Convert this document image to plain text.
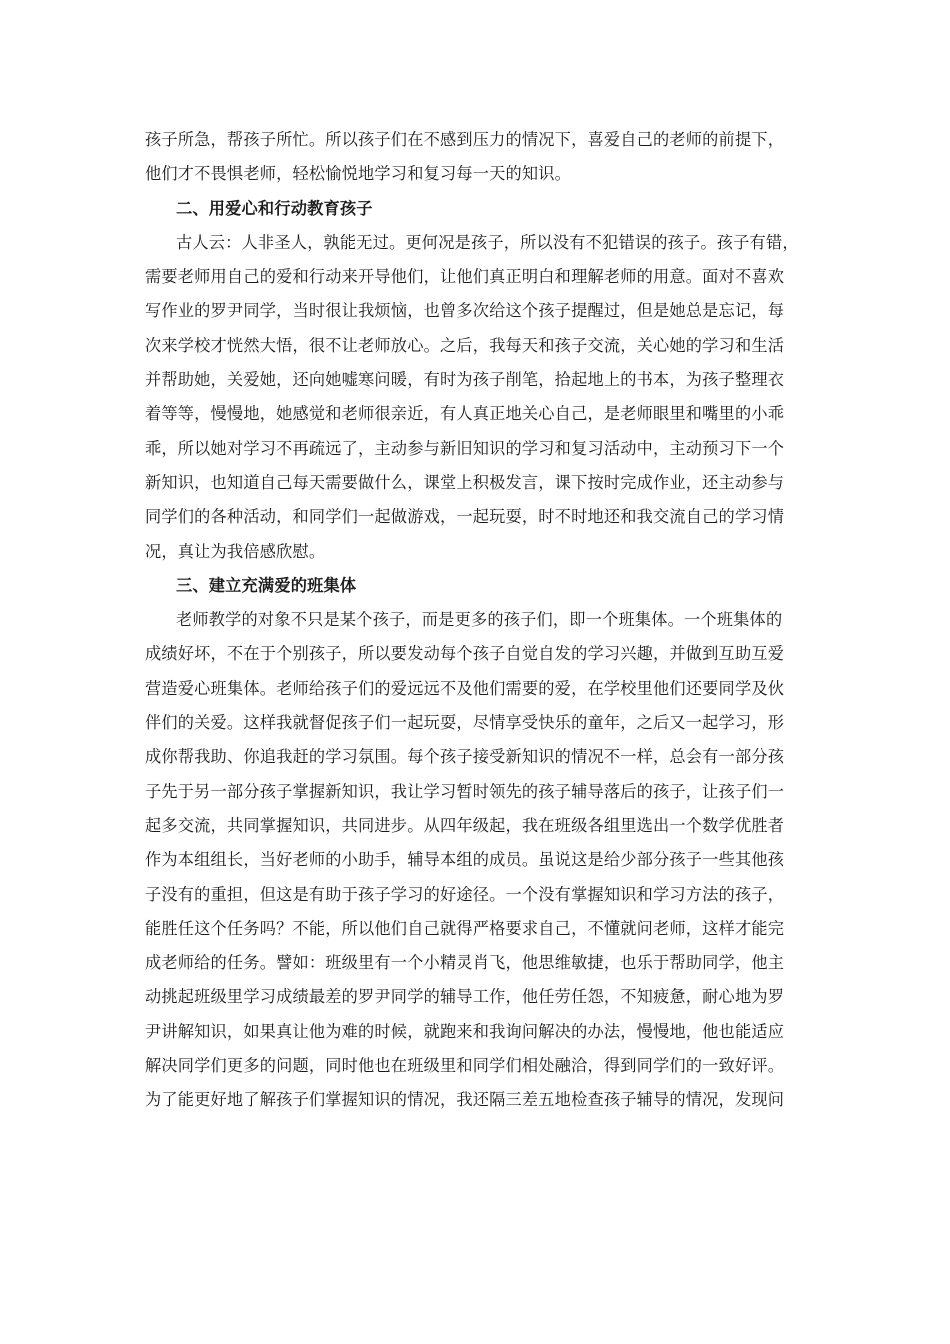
孩子所急，帮孩子所忙。所以孩子们在不感到压力的情况下，喜爱自己的老师的前提下，
他们才不畏惧老师，轻松愉悦地学习和复习每一天的知识。
二、用爱心和行动教育孩子
古人云：人非圣人，孰能无过。更何况是孩子，所以没有不犯错误的孩子。孩子有错，
需要老师用自己的爱和行动来开导他们，让他们真正明白和理解老师的用意。面对不喜欢
写作业的罗尹同学，当时很让我烦恼，也曾多次给这个孩子提醒过，但是她总是忘记，每
次来学校才恍然大悟，很不让老师放心。之后，我每天和孩子交流，关心她的学习和生活
并帮助她，关爱她，还向她嘘寒问暖，有时为孩子削笔，拾起地上的书本，为孩子整理衣
着等等，慢慢地，她感觉和老师很亲近，有人真正地关心自己，是老师眼里和嘴里的小乖
乖，所以她对学习不再疏远了，主动参与新旧知识的学习和复习活动中，主动预习下一个
新知识，也知道自己每天需要做什么，课堂上积极发言，课下按时完成作业，还主动参与
同学们的各种活动，和同学们一起做游戏，一起玩耍，时不时地还和我交流自己的学习情
况，真让为我倍感欣慰。
三、建立充满爱的班集体
老师教学的对象不只是某个孩子，而是更多的孩子们，即一个班集体。一个班集体的
成绩好坏，不在于个别孩子，所以要发动每个孩子自觉自发的学习兴趣，并做到互助互爱
营造爱心班集体。老师给孩子们的爱远远不及他们需要的爱，在学校里他们还要同学及伙
伴们的关爱。这样我就督促孩子们一起玩耍，尽情享受快乐的童年，之后又一起学习，形
成你帮我助、你追我赶的学习氛围。每个孩子接受新知识的情况不一样，总会有一部分孩
子先于另一部分孩子掌握新知识，我让学习暂时领先的孩子辅导落后的孩子，让孩子们一
起多交流，共同掌握知识，共同进步。从四年级起，我在班级各组里选出一个数学优胜者
作为本组组长，当好老师的小助手，辅导本组的成员。虽说这是给少部分孩子一些其他孩
子没有的重担，但这是有助于孩子学习的好途径。一个没有掌握知识和学习方法的孩子，
能胜任这个任务吗？不能，所以他们自己就得严格要求自己，不懂就问老师，这样才能完
成老师给的任务。譬如：班级里有一个小精灵肖飞，他思维敏捷，也乐于帮助同学，他主
动挑起班级里学习成绩最差的罗尹同学的辅导工作，他任劳任怨，不知疲惫，耐心地为罗
尹讲解知识，如果真让他为难的时候，就跑来和我询问解决的办法，慢慢地，他也能适应
解决同学们更多的问题，同时他也在班级里和同学们相处融洽，得到同学们的一致好评。
为了能更好地了解孩子们掌握知识的情况，我还隔三差五地检查孩子辅导的情况，发现问
